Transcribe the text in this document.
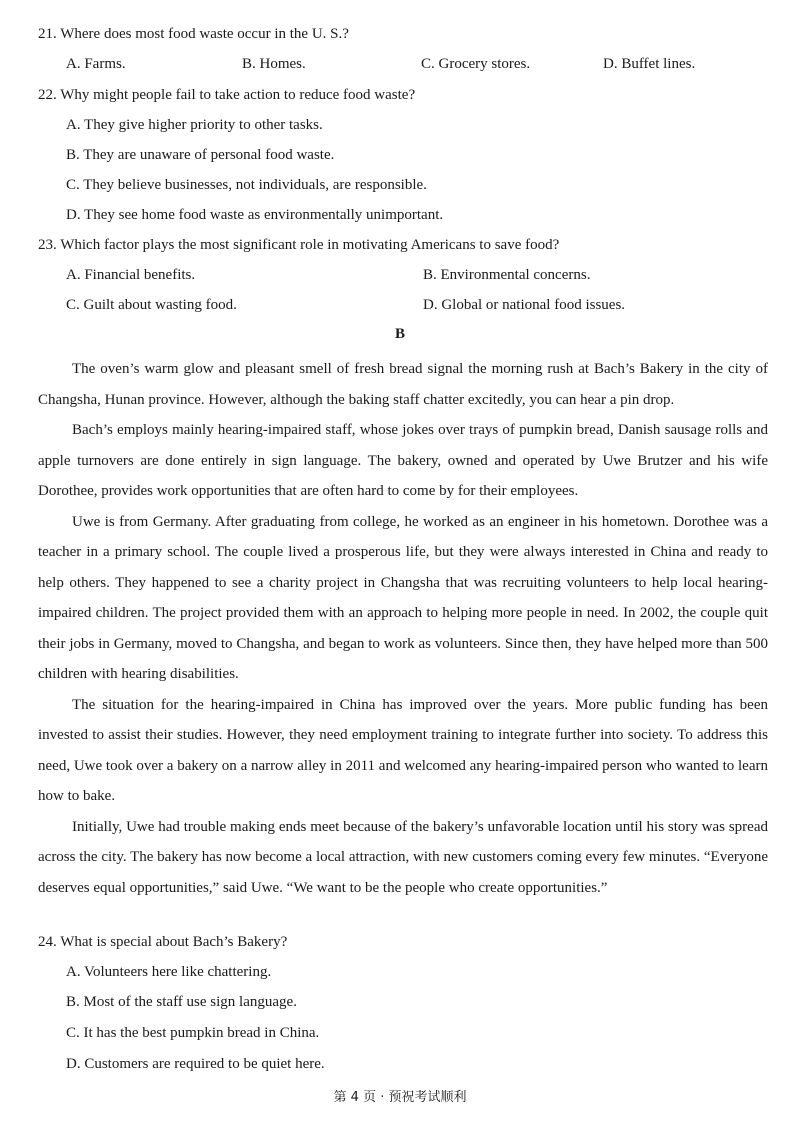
21. Where does most food waste occur in the U. S.?
A. Farms.	B. Homes.	C. Grocery stores.	D. Buffet lines.
22. Why might people fail to take action to reduce food waste?
A. They give higher priority to other tasks.
B. They are unaware of personal food waste.
C. They believe businesses, not individuals, are responsible.
D. They see home food waste as environmentally unimportant.
23. Which factor plays the most significant role in motivating Americans to save food?
A. Financial benefits.	B. Environmental concerns.
C. Guilt about wasting food.	D. Global or national food issues.
B

The oven’s warm glow and pleasant smell of fresh bread signal the morning rush at Bach’s Bakery in the city of Changsha, Hunan province. However, although the baking staff chatter excitedly, you can hear a pin drop.

Bach’s employs mainly hearing-impaired staff, whose jokes over trays of pumpkin bread, Danish sausage rolls and apple turnovers are done entirely in sign language. The bakery, owned and operated by Uwe Brutzer and his wife Dorothee, provides work opportunities that are often hard to come by for their employees.

Uwe is from Germany. After graduating from college, he worked as an engineer in his hometown. Dorothee was a teacher in a primary school. The couple lived a prosperous life, but they were always interested in China and ready to help others. They happened to see a charity project in Changsha that was recruiting volunteers to help local hearing-impaired children. The project provided them with an approach to helping more people in need. In 2002, the couple quit their jobs in Germany, moved to Changsha, and began to work as volunteers. Since then, they have helped more than 500 children with hearing disabilities.

The situation for the hearing-impaired in China has improved over the years. More public funding has been invested to assist their studies. However, they need employment training to integrate further into society. To address this need, Uwe took over a bakery on a narrow alley in 2011 and welcomed any hearing-impaired person who wanted to learn how to bake.

Initially, Uwe had trouble making ends meet because of the bakery’s unfavorable location until his story was spread across the city. The bakery has now become a local attraction, with new customers coming every few minutes. “Everyone deserves equal opportunities,” said Uwe. “We want to be the people who create opportunities.”

24. What is special about Bach’s Bakery?
A. Volunteers here like chattering.
B. Most of the staff use sign language.
C. It has the best pumpkin bread in China.
D. Customers are required to be quiet here.
第 4 页 · 预祝考试顺利
